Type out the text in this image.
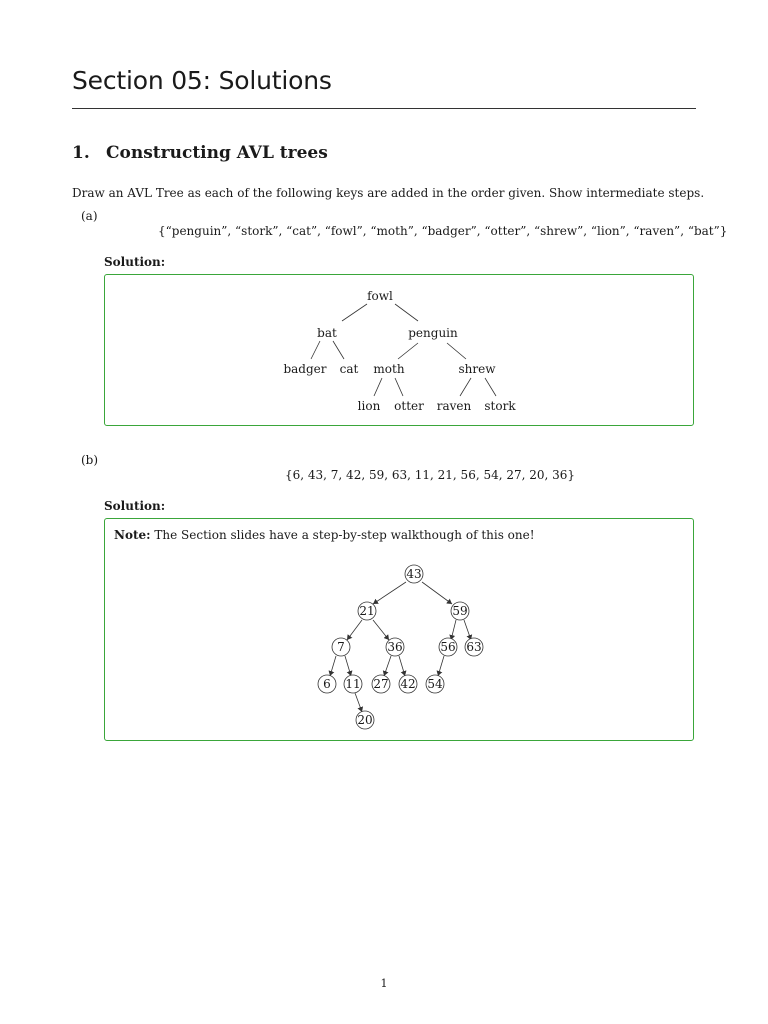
Section 05: Solutions
1. Constructing AVL trees
Draw an AVL Tree as each of the following keys are added in the order given. Show intermediate steps.
(a)
{“penguin”, “stork”, “cat”, “fowl”, “moth”, “badger”, “otter”, “shrew”, “lion”, “raven”, “bat”}
Solution:
fowl
bat	penguin
badger cat moth	shrew
lion otter raven stork
(b)
{6, 43, 7, 42, 59, 63, 11, 21, 56, 54, 27, 20, 36}
Solution:
Note: The Section slides have a step-by-step walkthough of this one!
43
21	59
7	36	56 63
6 11 27 42 54
20
1
